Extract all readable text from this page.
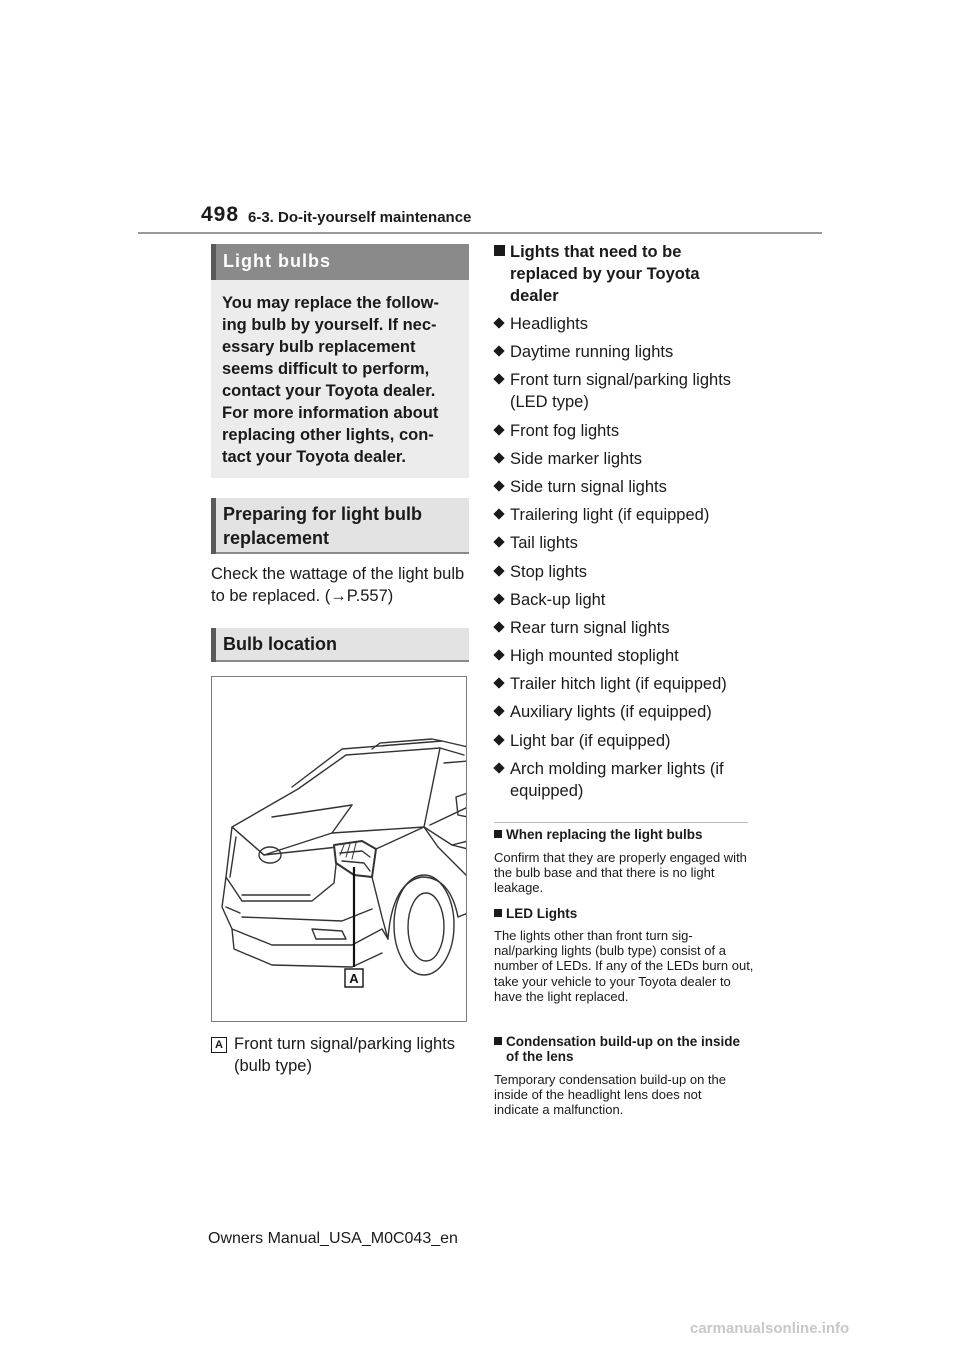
498 6-3. Do-it-yourself maintenance
Light bulbs
You may replace the follow-ing bulb by yourself. If nec-essary bulb replacement seems difficult to perform, contact your Toyota dealer. For more information about replacing other lights, con-tact your Toyota dealer.
Preparing for light bulb replacement
Check the wattage of the light bulb to be replaced. (→P.557)
Bulb location
A
A Front turn signal/parking lights (bulb type)
Lights that need to be replaced by your Toyota dealer
Headlights
Daytime running lights
Front turn signal/parking lights (LED type)
Front fog lights
Side marker lights
Side turn signal lights
Trailering light (if equipped)
Tail lights
Stop lights
Back-up light
Rear turn signal lights
High mounted stoplight
Trailer hitch light (if equipped)
Auxiliary lights (if equipped)
Light bar (if equipped)
Arch molding marker lights (if equipped)
When replacing the light bulbs
Confirm that they are properly engaged with the bulb base and that there is no light leakage.
LED Lights
The lights other than front turn sig-nal/parking lights (bulb type) consist of a number of LEDs. If any of the LEDs burn out, take your vehicle to your Toyota dealer to have the light replaced.
Condensation build-up on the inside of the lens
Temporary condensation build-up on the inside of the headlight lens does not indicate a malfunction.
Owners Manual_USA_M0C043_en
carmanualsonline.info
